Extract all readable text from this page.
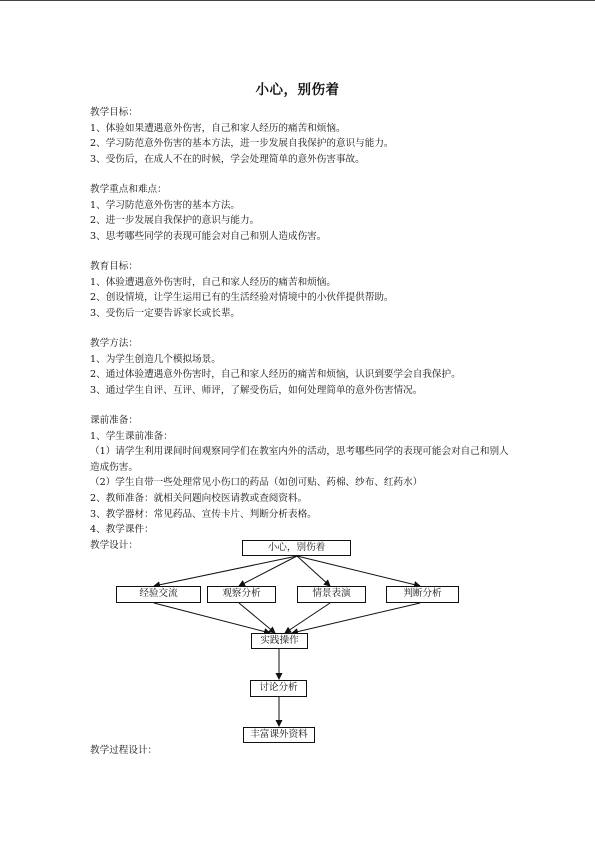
小心，别伤着
教学目标：
1、体验如果遭遇意外伤害，自己和家人经历的痛苦和烦恼。
2、学习防范意外伤害的基本方法，进一步发展自我保护的意识与能力。
3、受伤后，在成人不在的时候，学会处理简单的意外伤害事故。
教学重点和难点：
1、学习防范意外伤害的基本方法。
2、进一步发展自我保护的意识与能力。
3、思考哪些同学的表现可能会对自己和别人造成伤害。
教育目标：
1、体验遭遇意外伤害时，自己和家人经历的痛苦和烦恼。
2、创设情境，让学生运用已有的生活经验对情境中的小伙伴提供帮助。
3、受伤后一定要告诉家长或长辈。
教学方法：
1、为学生创造几个模拟场景。
2、通过体验遭遇意外伤害时，自己和家人经历的痛苦和烦恼，认识到要学会自我保护。
3、通过学生自评、互评、师评，了解受伤后，如何处理简单的意外伤害情况。
课前准备：
1、学生课前准备：
（1）请学生利用课间时间观察同学们在教室内外的活动，思考哪些同学的表现可能会对自己和别人造成伤害。
（2）学生自带一些处理常见小伤口的药品（如创可贴、药棉、纱布、红药水）
2、教师准备：就相关问题向校医请教或查阅资料。
3、教学器材：常见药品、宣传卡片、判断分析表格。
4、教学课件：
教学设计：	小心，别伤着
经验交流	观察分析	情景表演	判断分析
实践操作
讨论分析
丰富课外资料
教学过程设计：
